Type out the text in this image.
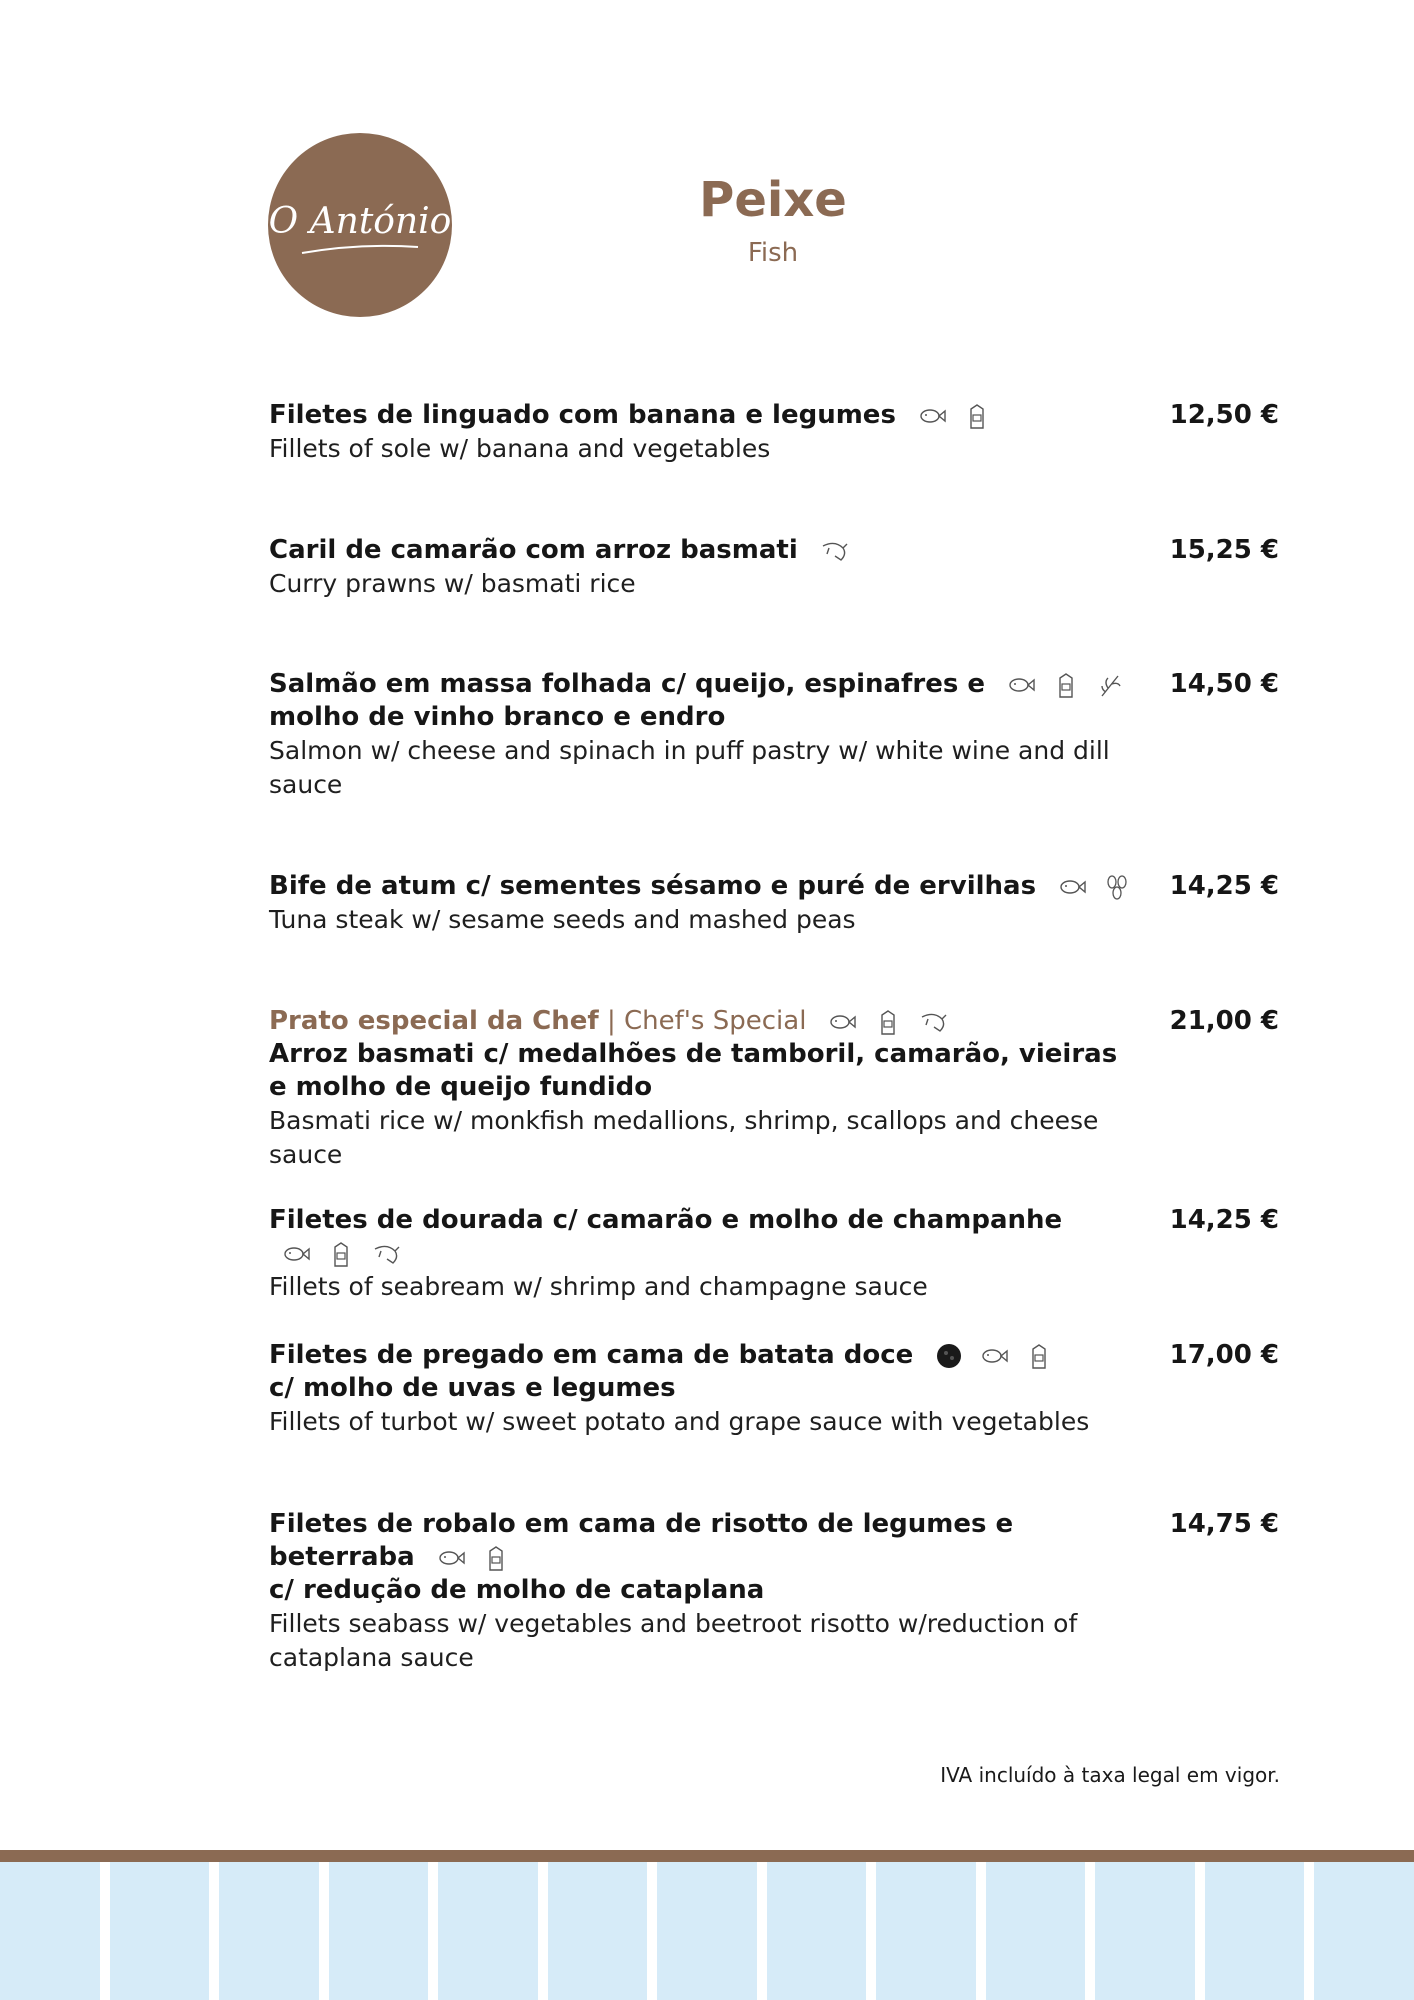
O António	Peixe
Fish
Filetes de linguado com banana e legumes
Fillets of sole w/ banana and vegetables
12,50 €
Caril de camarão com arroz basmati
Curry prawns w/ basmati rice
15,25 €
Salmão em massa folhada c/ queijo, espinafres e
molho de vinho branco e endro
Salmon w/ cheese and spinach in puff pastry w/ white wine and dill sauce
14,50 €
Bife de atum c/ sementes sésamo e puré de ervilhas
Tuna steak w/ sesame seeds and mashed peas
14,25 €
Prato especial da Chef | Chef's Special
Arroz basmati c/ medalhões de tamboril, camarão, vieiras e molho de queijo fundido
Basmati rice w/ monkfish medallions, shrimp, scallops and cheese sauce
21,00 €
Filetes de dourada c/ camarão e molho de champanhe
Fillets of seabream w/ shrimp and champagne sauce
14,25 €
Filetes de pregado em cama de batata doce
c/ molho de uvas e legumes
Fillets of turbot w/ sweet potato and grape sauce with vegetables
17,00 €
Filetes de robalo em cama de risotto de legumes e beterraba
c/ redução de molho de cataplana
Fillets seabass w/ vegetables and beetroot risotto w/reduction of cataplana sauce
14,75 €
IVA incluído à taxa legal em vigor.
